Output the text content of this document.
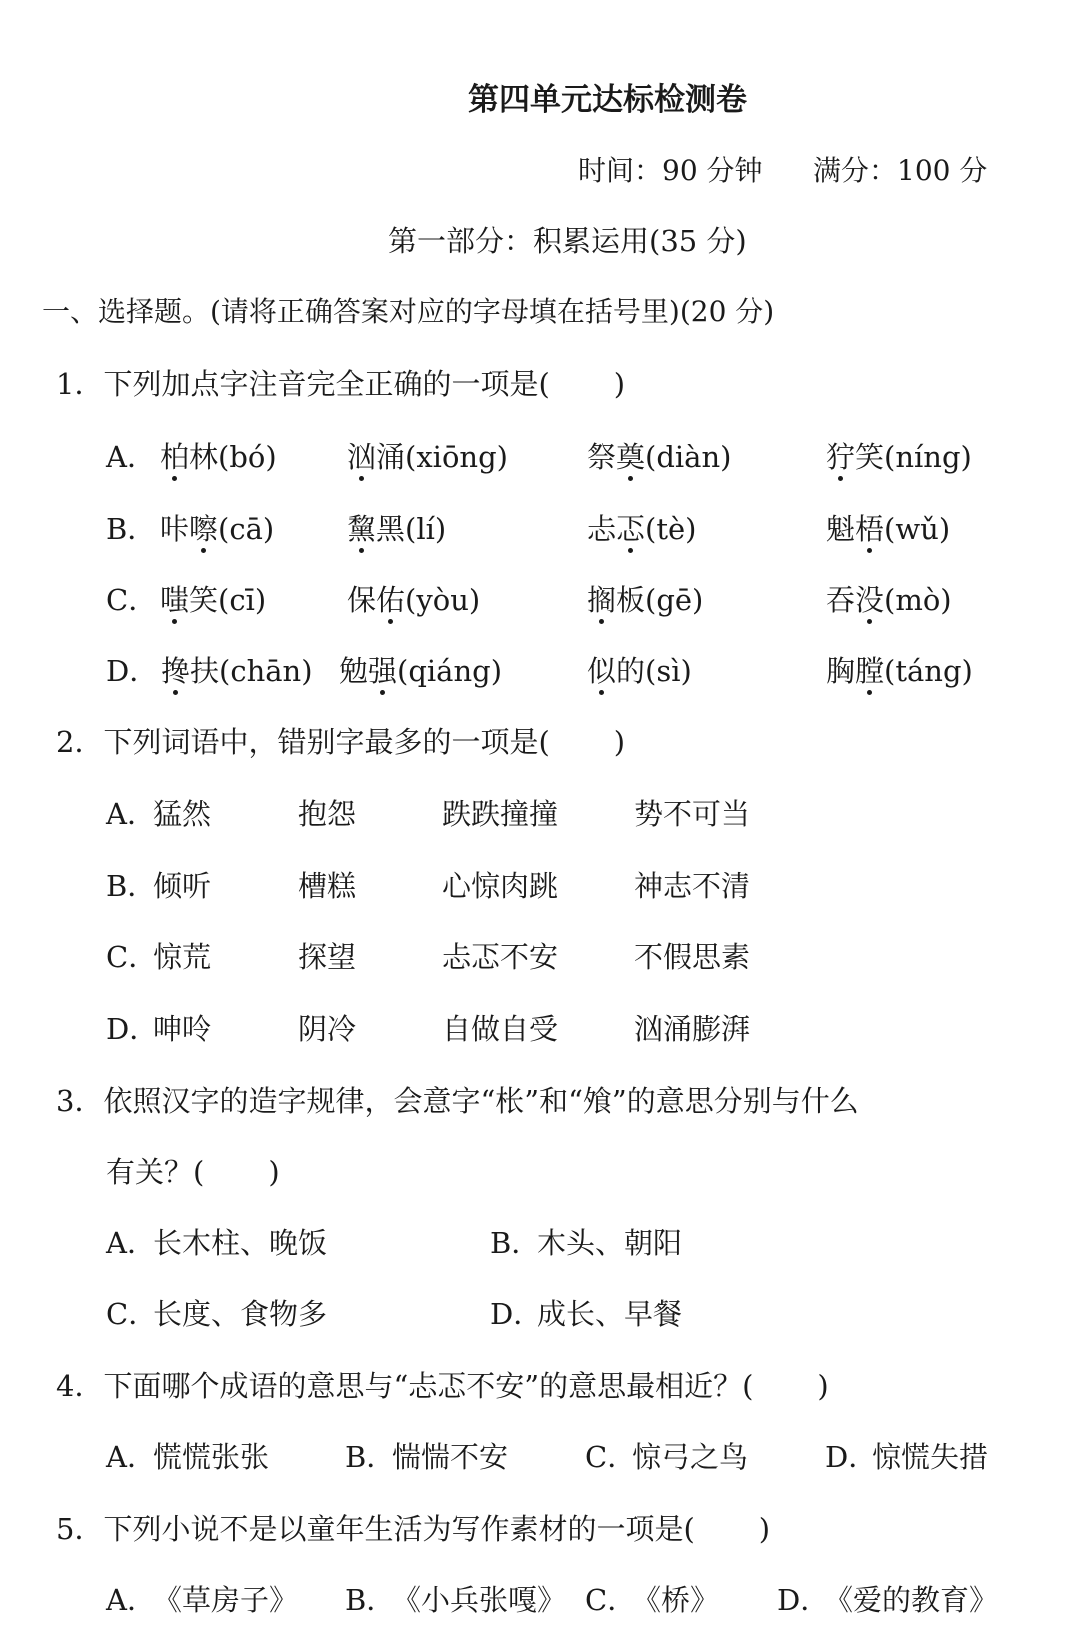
第四单元达标检测卷
时间：90 分钟 满分：100 分
第一部分：积累运用(35 分)
一、选择题。(请将正确答案对应的字母填在括号里)(20 分)
1．下列加点字注音完全正确的一项是( )
A． 柏林(bó) 汹涌(xiōng)	祭奠(diàn)	狞笑(níng)
B． 咔嚓(cā)	黧黑(lí)	忐忑(tè)	魁梧(wǔ)
C． 嗤笑(cī)	保佑(yòu)	搁板(gē)	吞没(mò)
D． 搀扶(chān) 勉强(qiáng)	似的(sì)	胸膛(táng)
2．下列词语中，错别字最多的一项是( )
A．
猛然	抱怨	跌跌撞撞	势不可当
B．
倾听	槽糕	心惊肉跳	神志不清
C．
惊荒	探望	忐忑不安	不假思素
D．
呻呤	阴冷	自做自受	汹涌膨湃
3．依照汉字的造字规律，会意字“枨”和“飧”的意思分别与什么
有关？( )
A．
长木柱、晚饭	B．
木头、朝阳
C．
长度、食物多	D．
成长、早餐
4．下面哪个成语的意思与“忐忑不安”的意思最相近？( )
A．
慌慌张张	B．
惴惴不安	C．
惊弓之鸟	D．
惊慌失措
5．下列小说不是以童年生活为写作素材的一项是( )
A．
《草房子》 B．
《小兵张嘎》 C．
《桥》 D．
《爱的教育》
